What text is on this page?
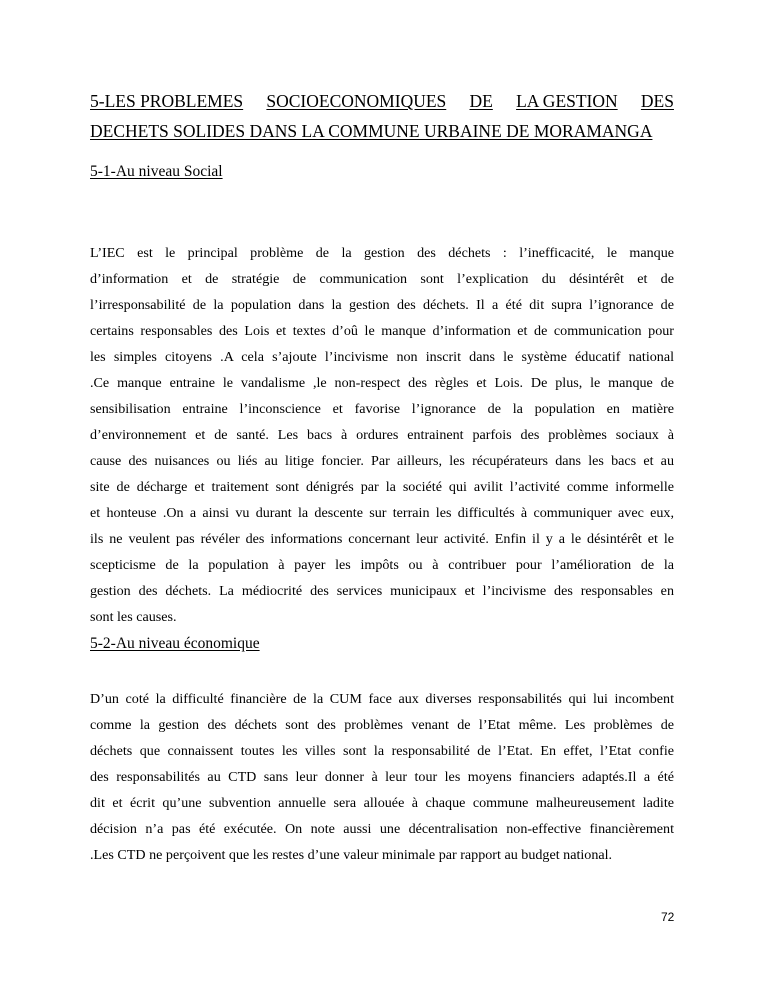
5-LES PROBLEMES SOCIOECONOMIQUES DE LA GESTION DES
DECHETS SOLIDES DANS LA COMMUNE URBAINE DE MORAMANGA
5-1-Au niveau Social
L’IEC est le principal problème de la gestion des déchets : l’inefficacité, le manque
d’information et de stratégie de communication sont l’explication du désintérêt et de
l’irresponsabilité de la population dans la gestion des déchets. Il a été dit supra l’ignorance de
certains responsables des Lois et textes d’oû le manque d’information et de communication pour
les simples citoyens .A cela s’ajoute l’incivisme non inscrit dans le système éducatif national
.Ce manque entraine le vandalisme ,le non-respect des règles et Lois. De plus, le manque de
sensibilisation entraine l’inconscience et favorise l’ignorance de la population en matière
d’environnement et de santé. Les bacs à ordures entrainent parfois des problèmes sociaux à
cause des nuisances ou liés au litige foncier. Par ailleurs, les récupérateurs dans les bacs et au
site de décharge et traitement sont dénigrés par la société qui avilit l’activité comme informelle
et honteuse .On a ainsi vu durant la descente sur terrain les difficultés à communiquer avec eux,
ils ne veulent pas révéler des informations concernant leur activité. Enfin il y a le désintérêt et le
scepticisme de la population à payer les impôts ou à contribuer pour l’amélioration de la
gestion des déchets. La médiocrité des services municipaux et l’incivisme des responsables en
sont les causes.
5-2-Au niveau économique
D’un coté la difficulté financière de la CUM face aux diverses responsabilités qui lui incombent
comme la gestion des déchets sont des problèmes venant de l’Etat même. Les problèmes de
déchets que connaissent toutes les villes sont la responsabilité de l’Etat. En effet, l’Etat confie
des responsabilités au CTD sans leur donner à leur tour les moyens financiers adaptés.Il a été
dit et écrit qu’une subvention annuelle sera allouée à chaque commune malheureusement ladite
décision n’a pas été exécutée. On note aussi une décentralisation non-effective financièrement
.Les CTD ne perçoivent que les restes d’une valeur minimale par rapport au budget national.
72
